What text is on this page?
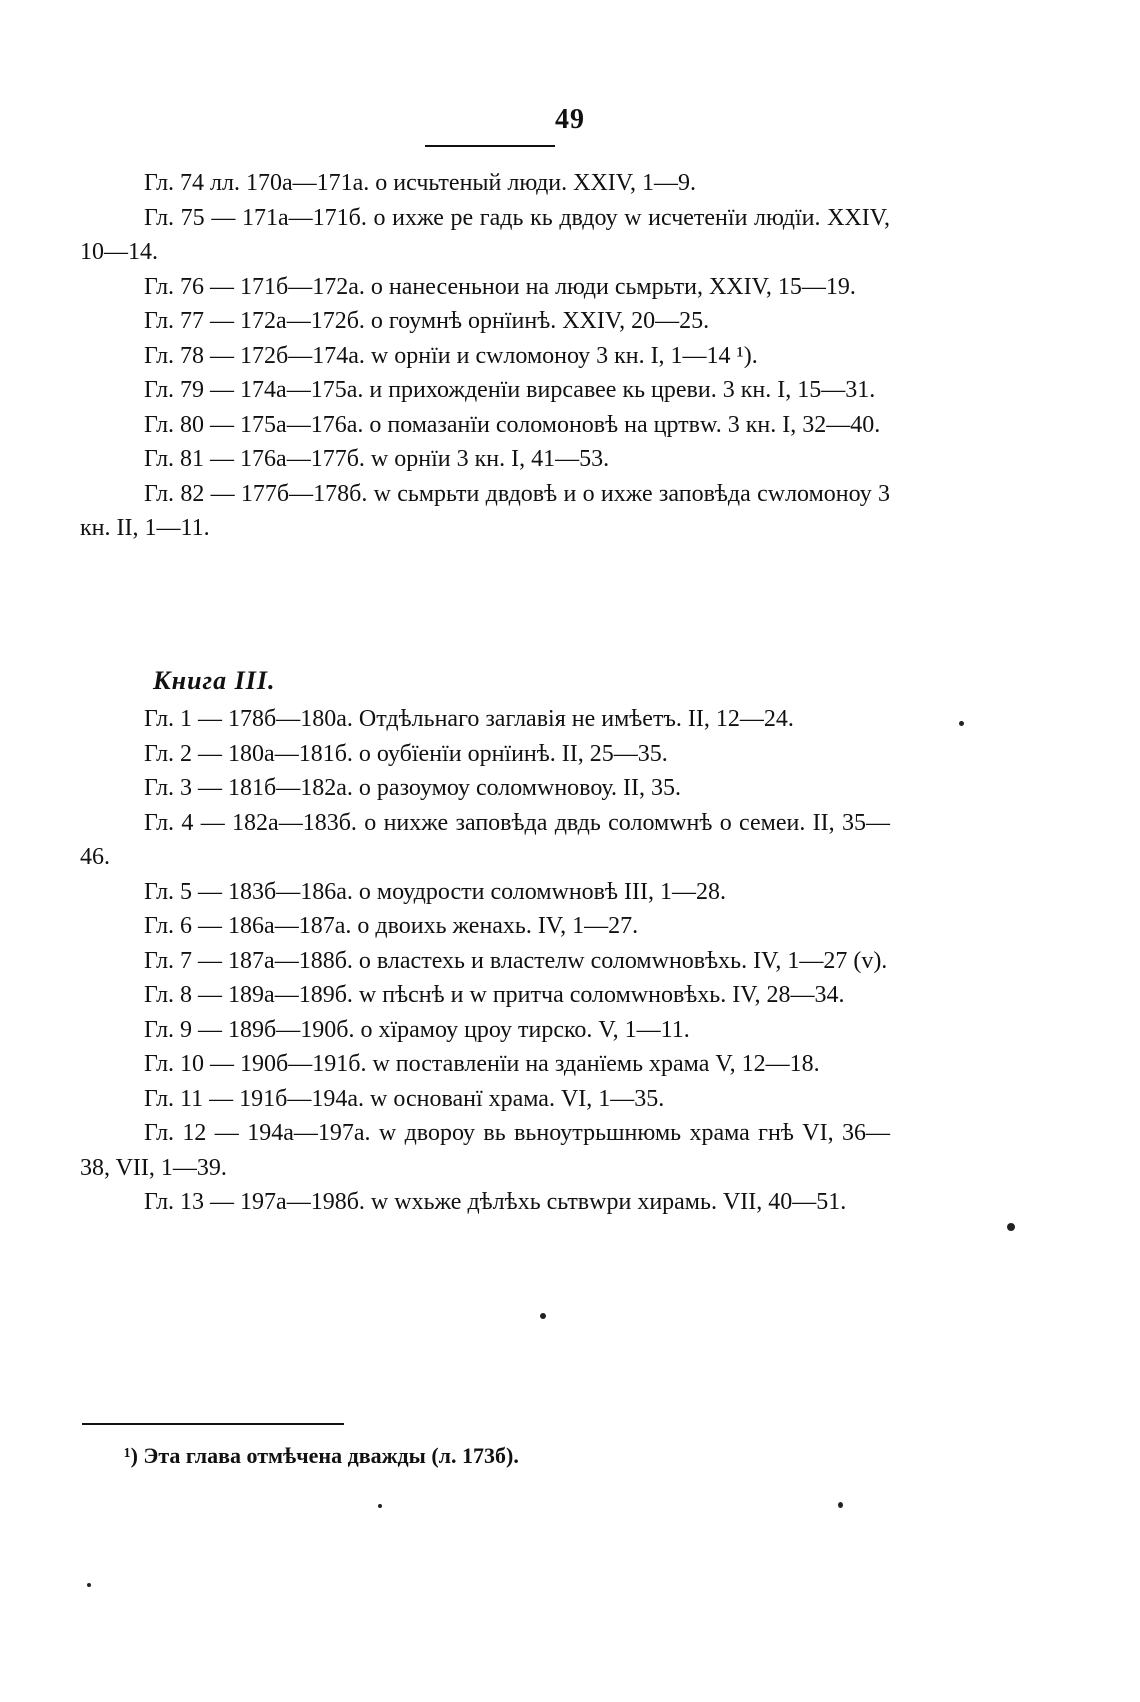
49

Гл. 74 лл. 170а—171а. о исчьтеный люди. XXIV, 1—9.

Гл. 75 — 171а—171б. о ихже ре гадь кь двдоу w исчетенїи людїи. XXIV, 10—14.

Гл. 76 — 171б—172а. о нанесеньнои на люди сьмрьти, XXIV, 15—19.

Гл. 77 — 172а—172б. о гоумнѣ орнїинѣ. XXIV, 20—25.

Гл. 78 — 172б—174а. w орнїи и сwломоноу 3 кн. I, 1—14 ¹).

Гл. 79 — 174а—175а. и прихожденїи вирсавее кь цреви. 3 кн. I, 15—31.

Гл. 80 — 175а—176а. о помазанїи соломоновѣ на цртвw. 3 кн. I, 32—40.

Гл. 81 — 176а—177б. w орнїи 3 кн. I, 41—53.

Гл. 82 — 177б—178б. w сьмрьти двдовѣ и о ихже заповѣда сwломоноу 3 кн. II, 1—11.

Книга III.

Гл. 1 — 178б—180а. Отдѣльнаго заглавія не имѣетъ. II, 12—24.

Гл. 2 — 180а—181б. о оубїенїи орнїинѣ. II, 25—35.

Гл. 3 — 181б—182а. о разоумоу соломwновоу. II, 35.

Гл. 4 — 182а—183б. о нихже заповѣда двдь соломwнѣ о семеи. II, 35—46.

Гл. 5 — 183б—186а. о моудрости соломwновѣ III, 1—28.

Гл. 6 — 186а—187а. о двоихь женахь. IV, 1—27.

Гл. 7 — 187а—188б. о властехь и властелw соломwновѣхь. IV, 1—27 (v).

Гл. 8 — 189а—189б. w пѣснѣ и w притча соломwновѣхь. IV, 28—34.

Гл. 9 — 189б—190б. о хїрамоу цроу тирско. V, 1—11.

Гл. 10 — 190б—191б. w поставленїи на зданїемь храма V, 12—18.

Гл. 11 — 191б—194а. w основанї храма. VI, 1—35.

Гл. 12 — 194а—197а. w двороу вь вьноутрьшнюмь храма гнѣ VI, 36—38, VII, 1—39.

Гл. 13 — 197а—198б. w wхьже дѣлѣхь сьтвwри хирамь. VII, 40—51.

¹) Эта глава отмѣчена дважды (л. 173б).
